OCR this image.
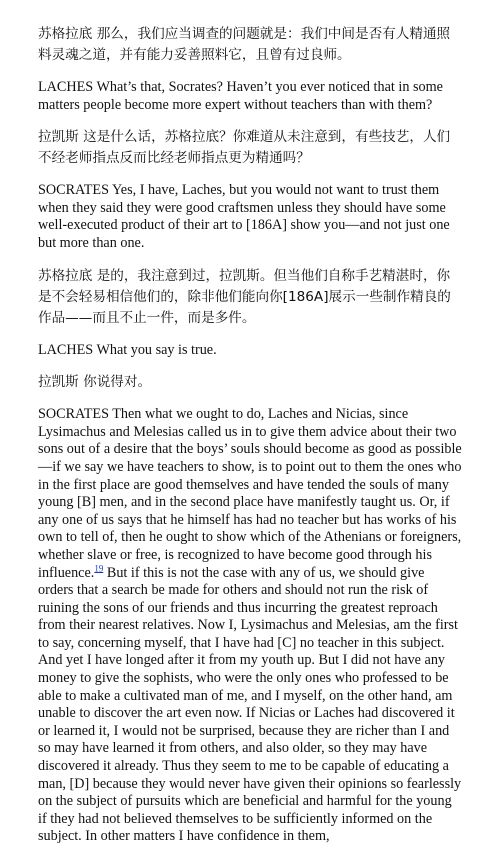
苏格拉底 那么，我们应当调查的问题就是：我们中间是否有人精通照料灵魂之道，并有能力妥善照料它，且曾有过良师。

LACHES What’s that, Socrates? Haven’t you ever noticed that in some matters people become more expert without teachers than with them?

拉凯斯 这是什么话，苏格拉底？你难道从未注意到，有些技艺，人们不经老师指点反而比经老师指点更为精通吗？

SOCRATES Yes, I have, Laches, but you would not want to trust them when they said they were good craftsmen unless they should have some well-executed product of their art to [186A] show you—and not just one but more than one.

苏格拉底 是的，我注意到过，拉凯斯。但当他们自称手艺精湛时，你是不会轻易相信他们的，除非他们能向你[186A]展示一些制作精良的作品——而且不止一件，而是多件。

LACHES What you say is true.

拉凯斯 你说得对。

SOCRATES Then what we ought to do, Laches and Nicias, since Lysimachus and Melesias called us in to give them advice about their two sons out of a desire that the boys’ souls should become as good as possible—if we say we have teachers to show, is to point out to them the ones who in the first place are good themselves and have tended the souls of many young [B] men, and in the second place have manifestly taught us. Or, if any one of us says that he himself has had no teacher but has works of his own to tell of, then he ought to show which of the Athenians or foreigners, whether slave or free, is recognized to have become good through his influence.$^{19}$ But if this is not the case with any of us, we should give orders that a search be made for others and should not run the risk of ruining the sons of our friends and thus incurring the greatest reproach from their nearest relatives. Now I, Lysimachus and Melesias, am the first to say, concerning myself, that I have had [C] no teacher in this subject. And yet I have longed after it from my youth up. But I did not have any money to give the sophists, who were the only ones who professed to be able to make a cultivated man of me, and I myself, on the other hand, am unable to discover the art even now. If Nicias or Laches had discovered it or learned it, I would not be surprised, because they are richer than I and so may have learned it from others, and also older, so they may have discovered it already. Thus they seem to me to be capable of educating a man, [D] because they would never have given their opinions so fearlessly on the subject of pursuits which are beneficial and harmful for the young if they had not believed themselves to be sufficiently informed on the subject. In other matters I have confidence in them,
